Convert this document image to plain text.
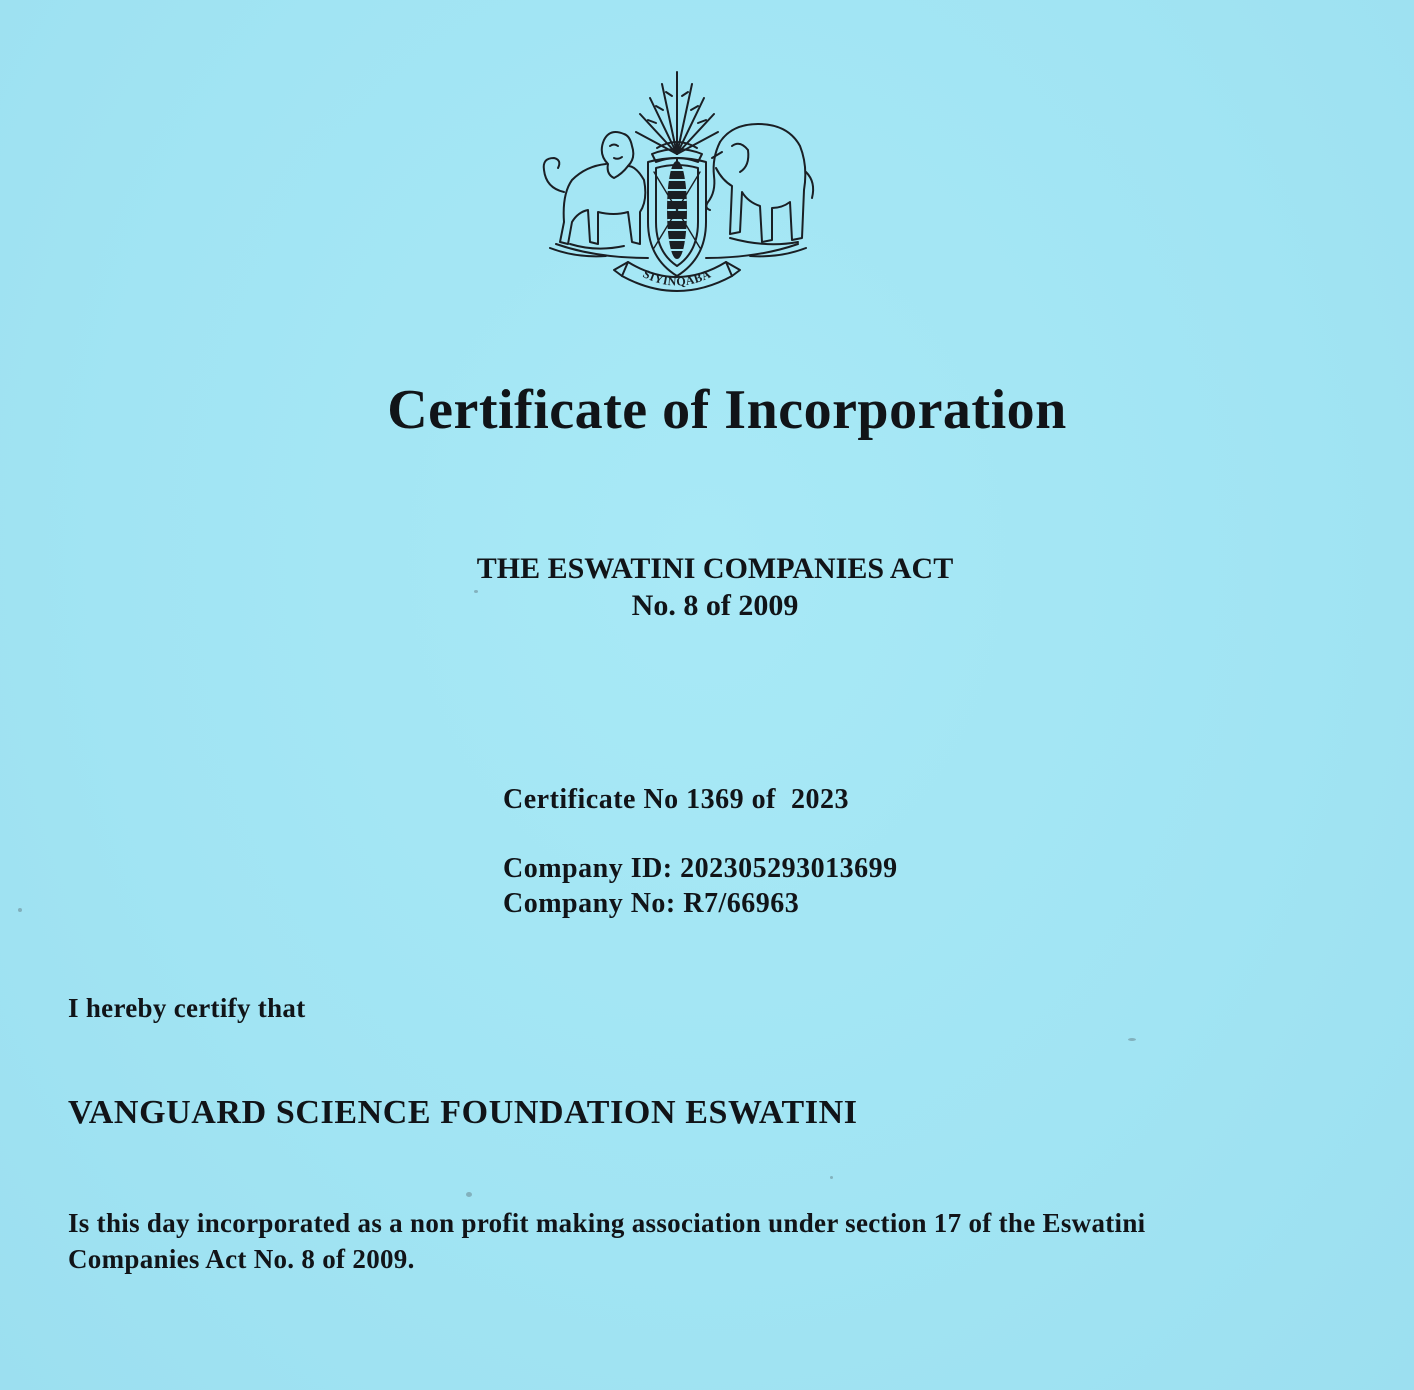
SIYINQABA
Certificate of Incorporation
THE ESWATINI COMPANIES ACT
No. 8 of 2009
Certificate No 1369 of  2023
Company ID: 202305293013699
Company No: R7/66963
I hereby certify that
VANGUARD SCIENCE FOUNDATION ESWATINI
Is this day incorporated as a non profit making association under section 17 of the Eswatini
Companies Act No. 8 of 2009.
